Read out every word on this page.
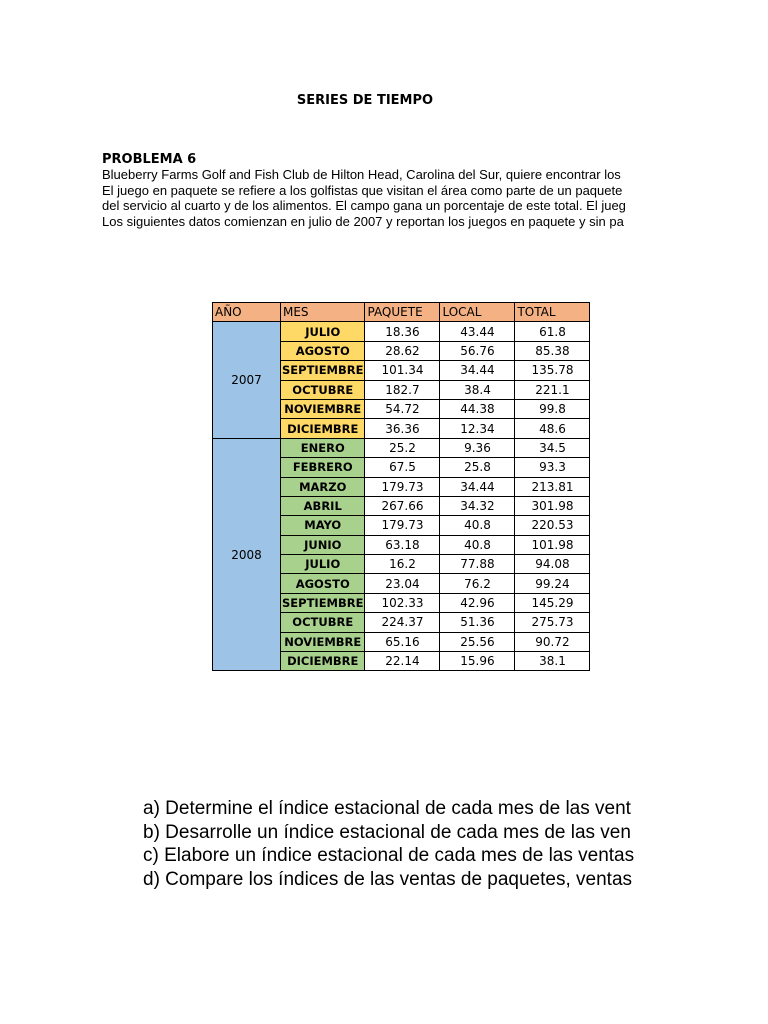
SERIES DE TIEMPO
PROBLEMA 6
Blueberry Farms Golf and Fish Club de Hilton Head, Carolina del Sur, quiere encontrar los
El juego en paquete se refiere a los golfistas que visitan el área como parte de un paquete
del servicio al cuarto y de los alimentos. El campo gana un porcentaje de este total. El jueg
Los siguientes datos comienzan en julio de 2007 y reportan los juegos en paquete y sin pa
AÑO	MES	PAQUETE	LOCAL	TOTAL
2007	JULIO	18.36	43.44	61.8
	AGOSTO	28.62	56.76	85.38
	SEPTIEMBRE	101.34	34.44	135.78
	OCTUBRE	182.7	38.4	221.1
	NOVIEMBRE	54.72	44.38	99.8
	DICIEMBRE	36.36	12.34	48.6
2008	ENERO	25.2	9.36	34.5
	FEBRERO	67.5	25.8	93.3
	MARZO	179.73	34.44	213.81
	ABRIL	267.66	34.32	301.98
	MAYO	179.73	40.8	220.53
	JUNIO	63.18	40.8	101.98
	JULIO	16.2	77.88	94.08
	AGOSTO	23.04	76.2	99.24
	SEPTIEMBRE	102.33	42.96	145.29
	OCTUBRE	224.37	51.36	275.73
	NOVIEMBRE	65.16	25.56	90.72
	DICIEMBRE	22.14	15.96	38.1
a) Determine el índice estacional de cada mes de las vent
b) Desarrolle un índice estacional de cada mes de las ven
c) Elabore un índice estacional de cada mes de las ventas
d) Compare los índices de las ventas de paquetes, ventas
